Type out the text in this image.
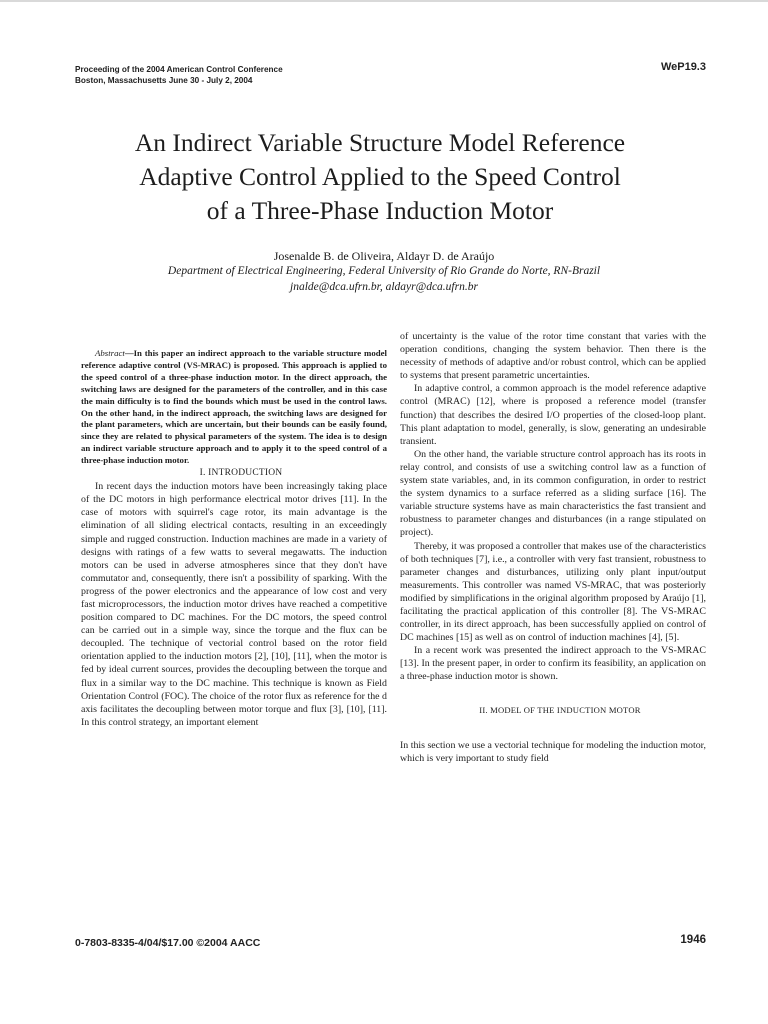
Proceeding of the 2004 American Control Conference
Boston, Massachusetts June 30 - July 2, 2004
WeP19.3
An Indirect Variable Structure Model Reference
Adaptive Control Applied to the Speed Control
of a Three-Phase Induction Motor
Josenalde B. de Oliveira, Aldayr D. de Araújo
Department of Electrical Engineering, Federal University of Rio Grande do Norte, RN-Brazil
jnalde@dca.ufrn.br, aldayr@dca.ufrn.br

Abstract—In this paper an indirect approach to the variable structure model reference adaptive control (VS-MRAC) is proposed. This approach is applied to the speed control of a three-phase induction motor. In the direct approach, the switching laws are designed for the parameters of the controller, and in this case the main difficulty is to find the bounds which must be used in the control laws. On the other hand, in the indirect approach, the switching laws are designed for the plant parameters, which are uncertain, but their bounds can be easily found, since they are related to physical parameters of the system. The idea is to design an indirect variable structure approach and to apply it to the speed control of a three-phase induction motor.

I. INTRODUCTION

In recent days the induction motors have been increasingly taking place of the DC motors in high performance electrical motor drives [11]. In the case of motors with squirrel's cage rotor, its main advantage is the elimination of all sliding electrical contacts, resulting in an exceedingly simple and rugged construction. Induction machines are made in a variety of designs with ratings of a few watts to several megawatts. The induction motors can be used in adverse atmospheres since that they don't have commutator and, consequently, there isn't a possibility of sparking. With the progress of the power electronics and the appearance of low cost and very fast microprocessors, the induction motor drives have reached a competitive position compared to DC machines. For the DC motors, the speed control can be carried out in a simple way, since the torque and the flux can be decoupled. The technique of vectorial control based on the rotor field orientation applied to the induction motors [2], [10], [11], when the motor is fed by ideal current sources, provides the decoupling between the torque and flux in a similar way to the DC machine. This technique is known as Field Orientation Control (FOC). The choice of the rotor flux as reference for the d axis facilitates the decoupling between motor torque and flux [3], [10], [11]. In this control strategy, an important element

of uncertainty is the value of the rotor time constant that varies with the operation conditions, changing the system behavior. Then there is the necessity of methods of adaptive and/or robust control, which can be applied to systems that present parametric uncertainties.

In adaptive control, a common approach is the model reference adaptive control (MRAC) [12], where is proposed a reference model (transfer function) that describes the desired I/O properties of the closed-loop plant. This plant adaptation to model, generally, is slow, generating an undesirable transient.

On the other hand, the variable structure control approach has its roots in relay control, and consists of use a switching control law as a function of system state variables, and, in its common configuration, in order to restrict the system dynamics to a surface referred as a sliding surface [16]. The variable structure systems have as main characteristics the fast transient and robustness to parameter changes and disturbances (in a range stipulated on project).

Thereby, it was proposed a controller that makes use of the characteristics of both techniques [7], i.e., a controller with very fast transient, robustness to parameter changes and disturbances, utilizing only plant input/output measurements. This controller was named VS-MRAC, that was posteriorly modified by simplifications in the original algorithm proposed by Araújo [1], facilitating the practical application of this controller [8]. The VS-MRAC controller, in its direct approach, has been successfully applied on control of DC machines [15] as well as on control of induction machines [4], [5].

In a recent work was presented the indirect approach to the VS-MRAC [13]. In the present paper, in order to confirm its feasibility, an application on a three-phase induction motor is shown.

II. MODEL OF THE INDUCTION MOTOR

In this section we use a vectorial technique for modeling the induction motor, which is very important to study field

0-7803-8335-4/04/$17.00 ©2004 AACC	1946
